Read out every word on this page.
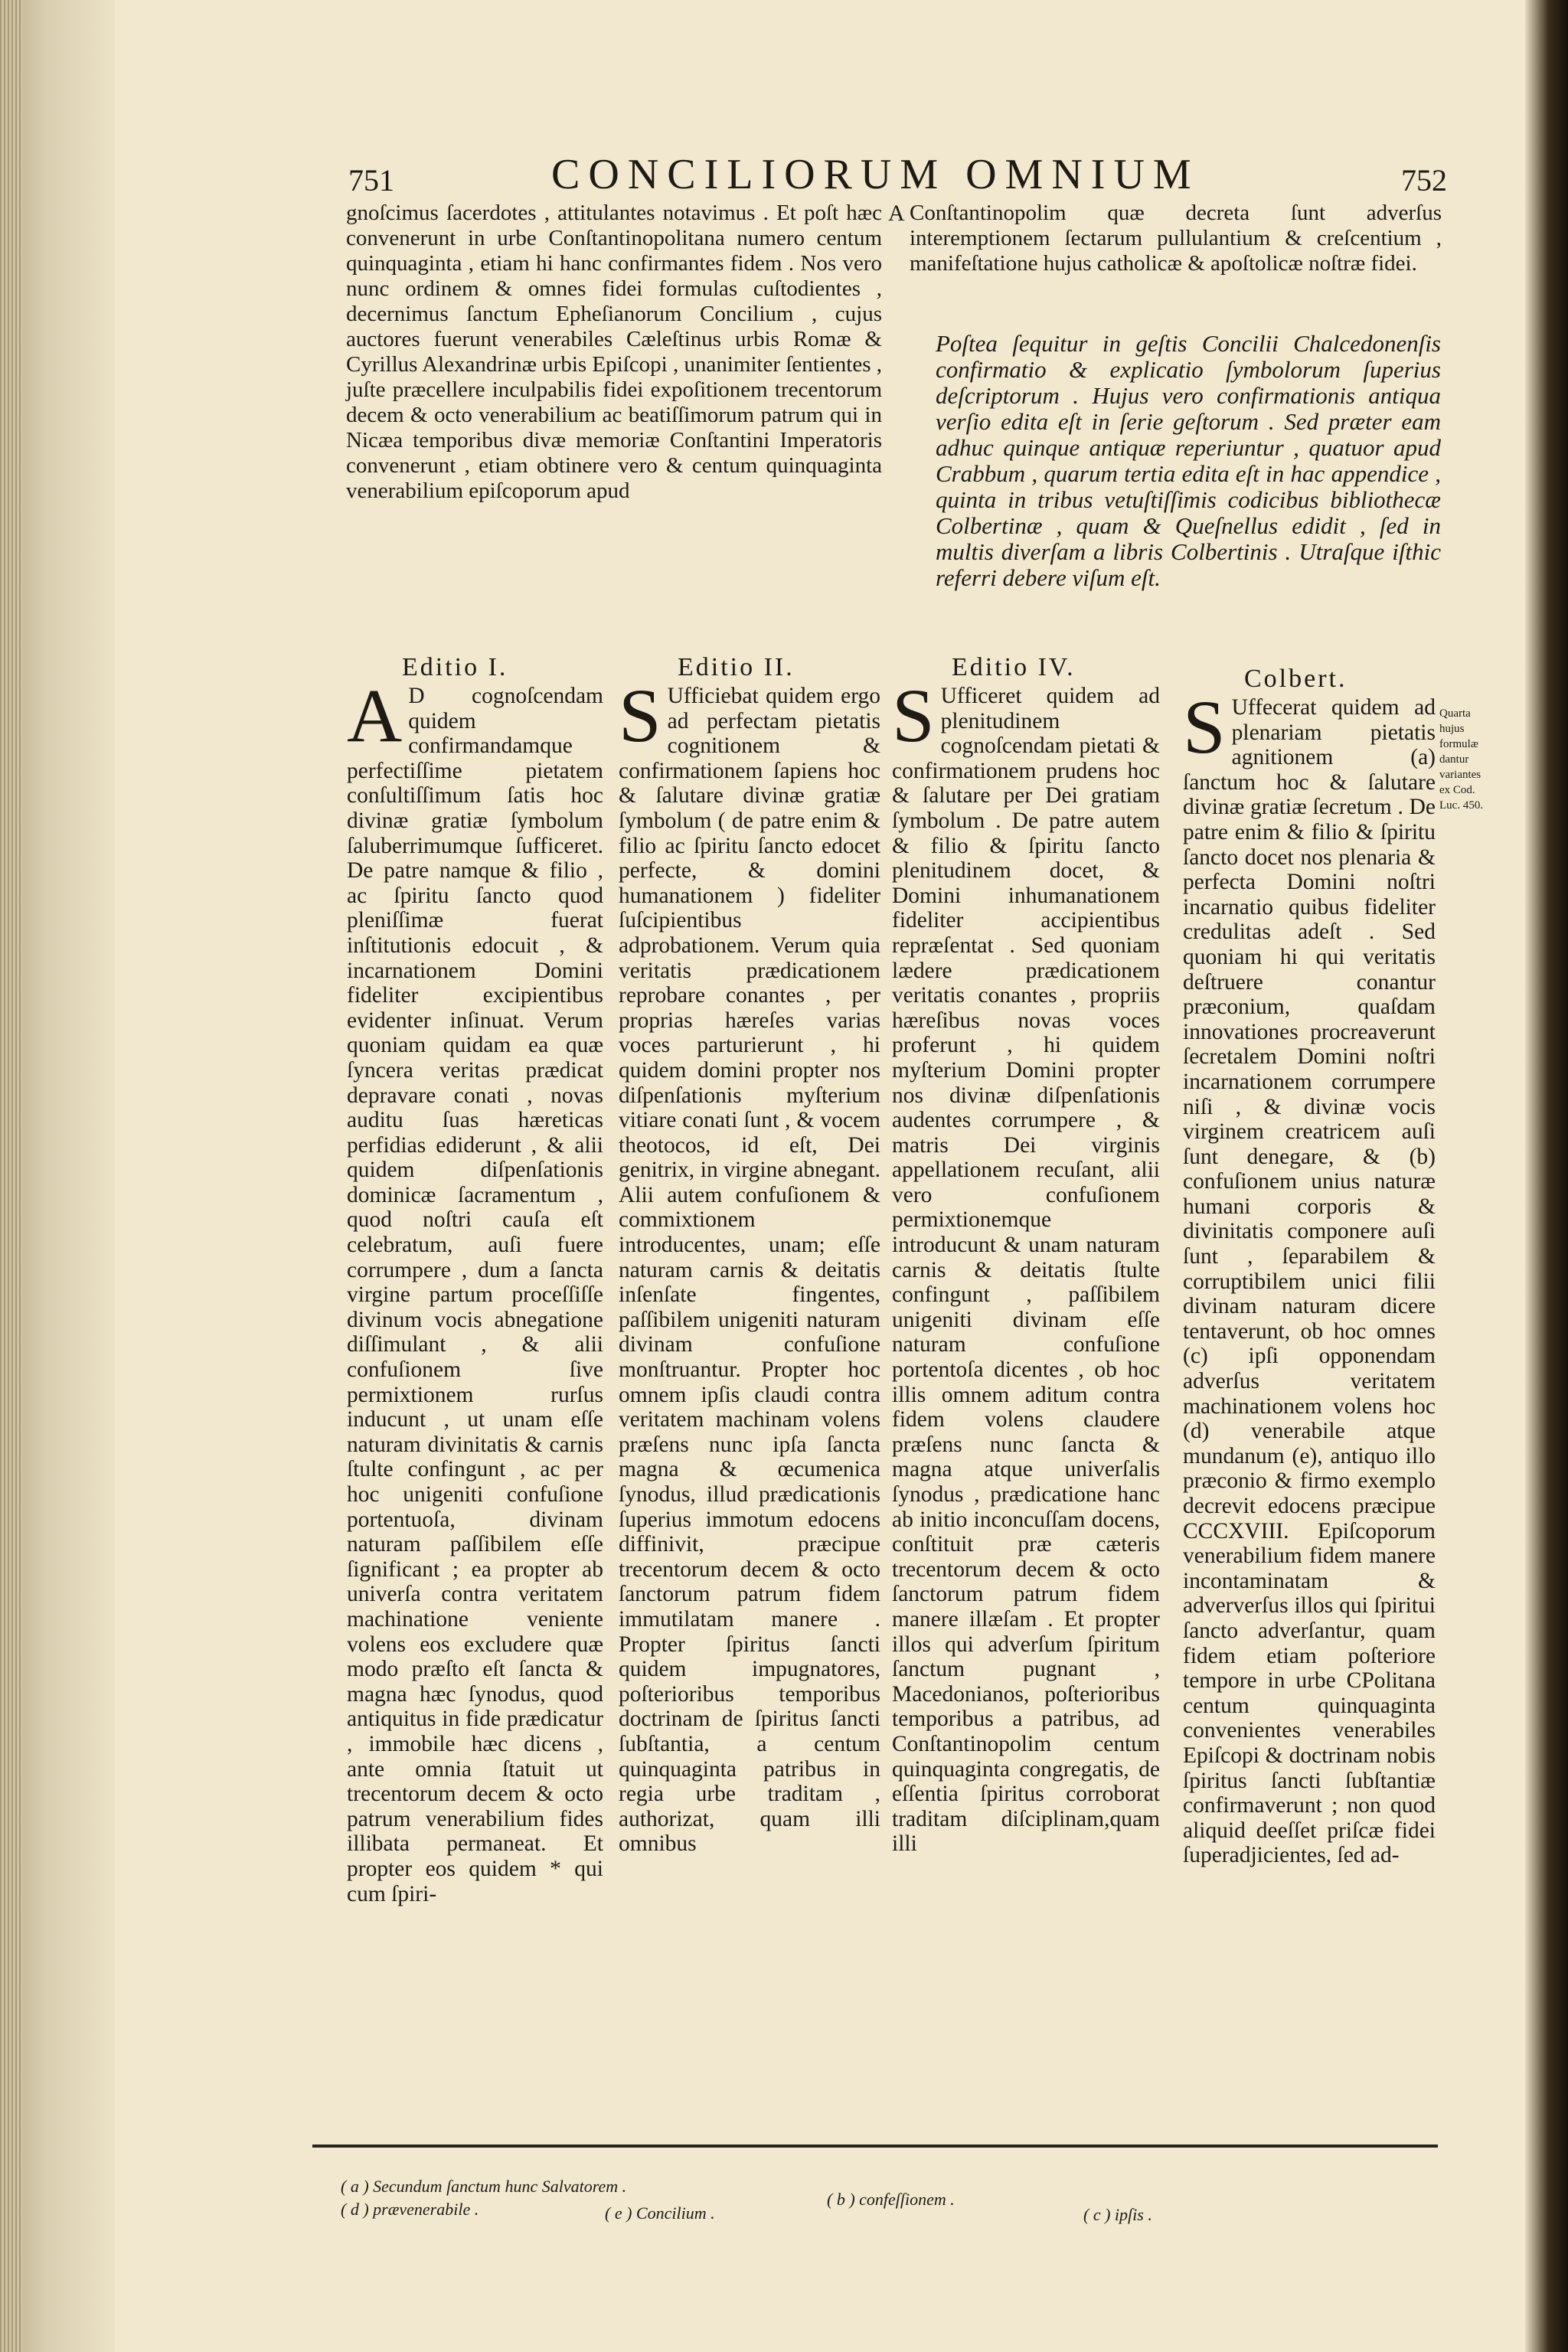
751	CONCILIORUM OMNIUM	752

gnoſcimus ſacerdotes , attitulantes notavimus . Et poſt hæc convenerunt in urbe Conſtantinopolitana numero centum quinquaginta , etiam hi hanc confirmantes fidem . Nos vero nunc ordinem & omnes fidei formulas cuſtodientes , decernimus ſanctum Epheſianorum Concilium , cujus auctores fuerunt venerabiles Cæleſtinus urbis Romæ & Cyrillus Alexandrinæ urbis Epiſcopi , unanimiter ſentientes , juſte præcellere inculpabilis fidei expoſitionem trecentorum decem & octo venerabilium ac beatiſſimorum patrum qui in Nicæa temporibus divæ memoriæ Conſtantini Imperatoris convenerunt , etiam obtinere vero & centum quinquaginta venerabilium epiſcoporum apud

A Conſtantinopolim quæ decreta ſunt adverſus interemptionem ſectarum pullulantium & creſcentium , manifeſtatione hujus catholicæ & apoſtolicæ noſtræ fidei.

Poſtea ſequitur in geſtis Concilii Chalcedonenſis confirmatio & explicatio ſymbolorum ſuperius deſcriptorum . Hujus vero confirmationis antiqua verſio edita eſt in ſerie geſtorum . Sed præter eam adhuc quinque antiquæ reperiuntur , quatuor apud Crabbum , quarum tertia edita eſt in hac appendice , quinta in tribus vetuſtiſſimis codicibus bibliothecæ Colbertinæ , quam & Queſnellus edidit , ſed in multis diverſam a libris Colbertinis . Utraſque iſthic referri debere viſum eſt.

Editio I.	Editio II.	Editio IV.	Colbert.
A D cognoſcendam quidem confirmandamque perfectiſſime pietatem conſultiſſimum ſatis hoc divinæ gratiæ ſymbolum ſaluberrimumque ſufficeret. De patre namque & filio , ac ſpiritu ſancto quod pleniſſimæ fuerat inſtitutionis edocuit , & incarnationem Domini fideliter excipientibus evidenter inſinuat. Verum quoniam quidam ea quæ ſyncera veritas prædicat depravare conati , novas auditu ſuas hæreticas perfidias ediderunt , & alii quidem diſpenſationis dominicæ ſacramentum , quod noſtri cauſa eſt celebratum, auſi fuere corrumpere , dum a ſancta virgine partum proceſſiſſe divinum vocis abnegatione diſſimulant , & alii confuſionem ſive permixtionem rurſus inducunt , ut unam eſſe naturam divinitatis & carnis ſtulte confingunt , ac per hoc unigeniti confuſione portentuoſa, divinam naturam paſſibilem eſſe ſignificant ; ea propter ab univerſa contra veritatem machinatione veniente volens eos excludere quæ modo præſto eſt ſancta & magna hæc ſynodus, quod antiquitus in fide prædicatur , immobile hæc dicens , ante omnia ſtatuit ut trecentorum decem & octo patrum venerabilium fides illibata permaneat. Et propter eos quidem * qui cum ſpiri-
S Ufficiebat quidem ergo ad perfectam pietatis cognitionem & confirmationem ſapiens hoc & ſalutare divinæ gratiæ ſymbolum ( de patre enim & filio ac ſpiritu ſancto edocet perfecte, & domini humanationem ) fideliter ſuſcipientibus adprobationem. Verum quia veritatis prædicationem reprobare conantes , per proprias hæreſes varias voces parturierunt , hi quidem domini propter nos diſpenſationis myſterium vitiare conati ſunt , & vocem theotocos, id eſt, Dei genitrix, in virgine abnegant. Alii autem confuſionem & commixtionem introducentes, unam; eſſe naturam carnis & deitatis inſenſate fingentes, paſſibilem unigeniti naturam divinam confuſione monſtruantur. Propter hoc omnem ipſis claudi contra veritatem machinam volens præſens nunc ipſa ſancta magna & œcumenica ſynodus, illud prædicationis ſuperius immotum edocens diffinivit, præcipue trecentorum decem & octo ſanctorum patrum fidem immutilatam manere . Propter ſpiritus ſancti quidem impugnatores, poſterioribus temporibus doctrinam de ſpiritus ſancti ſubſtantia, a centum quinquaginta patribus in regia urbe traditam , authorizat, quam illi omnibus
S Ufficeret quidem ad plenitudinem cognoſcendam pietati & confirmationem prudens hoc & ſalutare per Dei gratiam ſymbolum . De patre autem & filio & ſpiritu ſancto plenitudinem docet, & Domini inhumanationem fideliter accipientibus repræſentat . Sed quoniam lædere prædicationem veritatis conantes , propriis hæreſibus novas voces proferunt , hi quidem myſterium Domini propter nos divinæ diſpenſationis audentes corrumpere , & matris Dei virginis appellationem recuſant, alii vero confuſionem permixtionemque introducunt & unam naturam carnis & deitatis ſtulte confingunt , paſſibilem unigeniti divinam eſſe naturam confuſione portentoſa dicentes , ob hoc illis omnem aditum contra fidem volens claudere præſens nunc ſancta & magna atque univerſalis ſynodus , prædicatione hanc ab initio inconcuſſam docens, conſtituit præ cæteris trecentorum decem & octo ſanctorum patrum fidem manere illæſam . Et propter illos qui adverſum ſpiritum ſanctum pugnant , Macedonianos, poſterioribus temporibus a patribus, ad Conſtantinopolim centum quinquaginta congregatis, de eſſentia ſpiritus corroborat traditam diſciplinam,quam illi
S Uffecerat quidem ad plenariam pietatis agnitionem (a) ſanctum hoc & ſalutare divinæ gratiæ ſecretum . De patre enim & filio & ſpiritu ſancto docet nos plenaria & perfecta Domini noſtri incarnatio quibus fideliter credulitas adeſt . Sed quoniam hi qui veritatis deſtruere conantur præconium, quaſdam innovationes procreaverunt ſecretalem Domini noſtri incarnationem corrumpere niſi , & divinæ vocis virginem creatricem auſi ſunt denegare, & (b) confuſionem unius naturæ humani corporis & divinitatis componere auſi ſunt , ſeparabilem & corruptibilem unici filii divinam naturam dicere tentaverunt, ob hoc omnes (c) ipſi opponendam adverſus veritatem machinationem volens hoc (d) venerabile atque mundanum (e), antiquo illo præconio & firmo exemplo decrevit edocens præcipue CCCXVIII. Epiſcoporum venerabilium fidem manere incontaminatam & adververſus illos qui ſpiritui ſancto adverſantur, quam fidem etiam poſteriore tempore in urbe CPolitana centum quinquaginta convenientes venerabiles Epiſcopi & doctrinam nobis ſpiritus ſancti ſubſtantiæ confirmaverunt ; non quod aliquid deeſſet priſcæ fidei ſuperadjicientes, ſed ad-
Quarta hujus formulæ dantur variantes ex Cod. Luc. 450.
( a ) Secundum ſanctum hunc Salvatorem .
( d ) prævenerabile .	( e ) Concilium .
( b ) confeſſionem .
( c ) ipſis .
